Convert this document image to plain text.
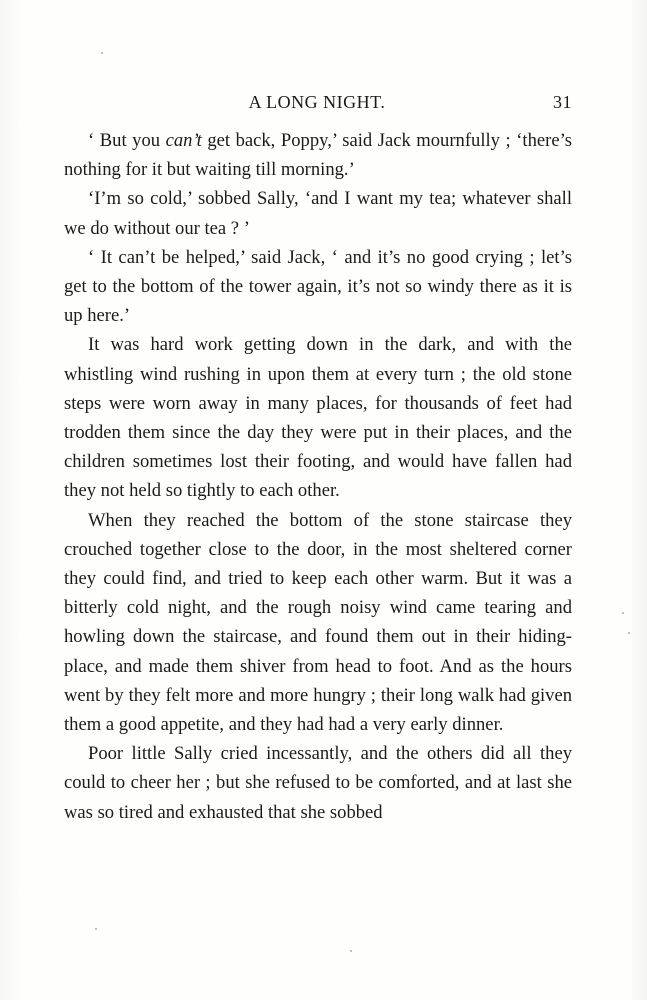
A LONG NIGHT.	31

‘ But you can’t get back, Poppy,’ said Jack mournfully ; ‘there’s nothing for it but waiting till morning.’

‘I’m so cold,’ sobbed Sally, ‘and I want my tea; whatever shall we do without our tea ? ’

‘ It can’t be helped,’ said Jack, ‘ and it’s no good crying ; let’s get to the bottom of the tower again, it’s not so windy there as it is up here.’

It was hard work getting down in the dark, and with the whistling wind rushing in upon them at every turn ; the old stone steps were worn away in many places, for thousands of feet had trodden them since the day they were put in their places, and the children sometimes lost their footing, and would have fallen had they not held so tightly to each other.

When they reached the bottom of the stone staircase they crouched together close to the door, in the most sheltered corner they could find, and tried to keep each other warm. But it was a bitterly cold night, and the rough noisy wind came tearing and howling down the staircase, and found them out in their hiding-place, and made them shiver from head to foot. And as the hours went by they felt more and more hungry ; their long walk had given them a good appetite, and they had had a very early dinner.

Poor little Sally cried incessantly, and the others did all they could to cheer her ; but she refused to be comforted, and at last she was so tired and exhausted that she sobbed
